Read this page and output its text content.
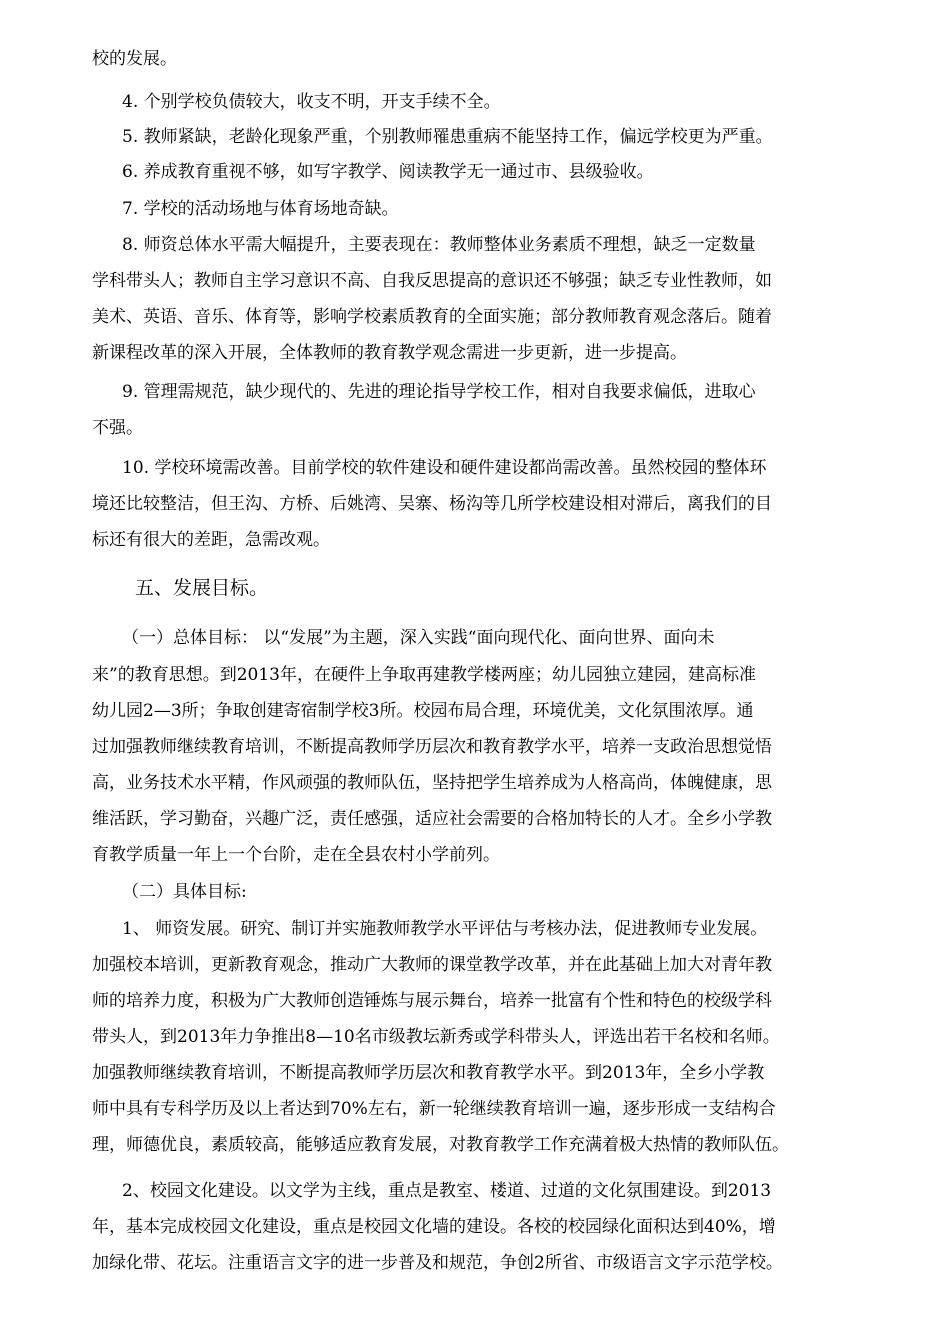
校的发展。

4. 个别学校负债较大，收支不明，开支手续不全。

5. 教师紧缺，老龄化现象严重，个别教师罹患重病不能坚持工作，偏远学校更为严重。

6. 养成教育重视不够，如写字教学、阅读教学无一通过市、县级验收。

7. 学校的活动场地与体育场地奇缺。

8. 师资总体水平需大幅提升，主要表现在：教师整体业务素质不理想，缺乏一定数量

学科带头人；教师自主学习意识不高、自我反思提高的意识还不够强；缺乏专业性教师，如

美术、英语、音乐、体育等，影响学校素质教育的全面实施；部分教师教育观念落后。随着

新课程改革的深入开展，全体教师的教育教学观念需进一步更新，进一步提高。

9. 管理需规范，缺少现代的、先进的理论指导学校工作，相对自我要求偏低，进取心

不强。

10. 学校环境需改善。目前学校的软件建设和硬件建设都尚需改善。虽然校园的整体环

境还比较整洁，但王沟、方桥、后姚湾、吴寨、杨沟等几所学校建设相对滞后，离我们的目

标还有很大的差距，急需改观。

五、发展目标。

（一）总体目标： 以“发展”为主题，深入实践“面向现代化、面向世界、面向未

来”的教育思想。到2013年，在硬件上争取再建教学楼两座；幼儿园独立建园，建高标准

幼儿园2—3所；争取创建寄宿制学校3所。校园布局合理，环境优美，文化氛围浓厚。通

过加强教师继续教育培训，不断提高教师学历层次和教育教学水平，培养一支政治思想觉悟

高，业务技术水平精，作风顽强的教师队伍，坚持把学生培养成为人格高尚，体魄健康，思

维活跃，学习勤奋，兴趣广泛，责任感强，适应社会需要的合格加特长的人才。全乡小学教

育教学质量一年上一个台阶，走在全县农村小学前列。

（二）具体目标:

1、 师资发展。研究、制订并实施教师教学水平评估与考核办法，促进教师专业发展。

加强校本培训，更新教育观念，推动广大教师的课堂教学改革，并在此基础上加大对青年教

师的培养力度，积极为广大教师创造锤炼与展示舞台，培养一批富有个性和特色的校级学科

带头人，到2013年力争推出8—10名市级教坛新秀或学科带头人，评选出若干名校和名师。

加强教师继续教育培训，不断提高教师学历层次和教育教学水平。到2013年，全乡小学教

师中具有专科学历及以上者达到70%左右，新一轮继续教育培训一遍，逐步形成一支结构合

理，师德优良，素质较高，能够适应教育发展，对教育教学工作充满着极大热情的教师队伍。

2、校园文化建设。以文学为主线，重点是教室、楼道、过道的文化氛围建设。到2013

年，基本完成校园文化建设，重点是校园文化墙的建设。各校的校园绿化面积达到40%，增

加绿化带、花坛。注重语言文字的进一步普及和规范，争创2所省、市级语言文字示范学校。
